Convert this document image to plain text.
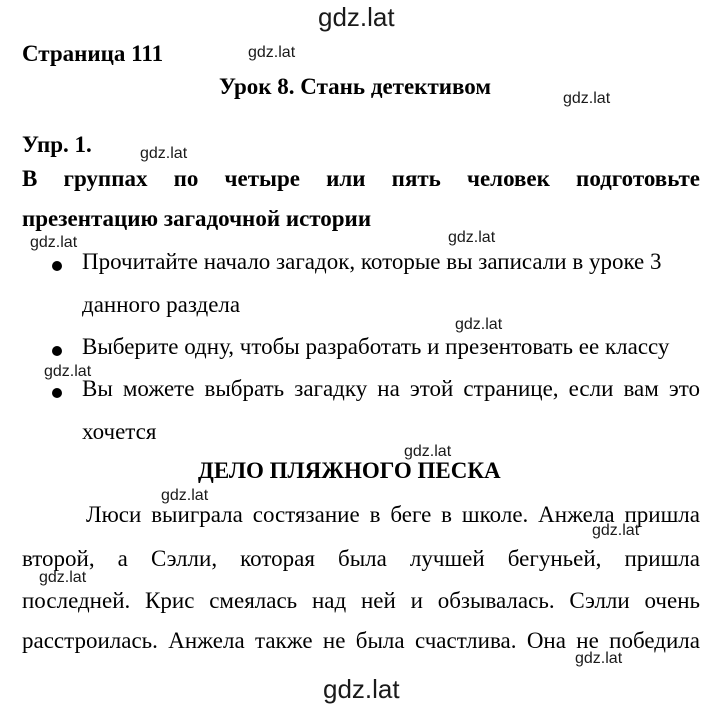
gdz.lat
gdz.lat
gdz.lat
gdz.lat
gdz.lat
gdz.lat
gdz.lat
gdz.lat
gdz.lat
gdz.lat
gdz.lat
gdz.lat
gdz.lat
gdz.lat
Страница 111
Урок 8. Стань детективом
Упр. 1.
В группах по четыре или пять человек подготовьте
презентацию загадочной истории
Прочитайте начало загадок, которые вы записали в уроке 3
данного раздела
Выберите одну, чтобы разработать и презентовать ее классу
Вы можете выбрать загадку на этой странице, если вам это
хочется
ДЕЛО ПЛЯЖНОГО ПЕСКА
Люси выиграла состязание в беге в школе. Анжела пришла
второй, а Сэлли, которая была лучшей бегуньей, пришла
последней. Крис смеялась над ней и обзывалась. Сэлли очень
расстроилась. Анжела также не была счастлива. Она не победила
